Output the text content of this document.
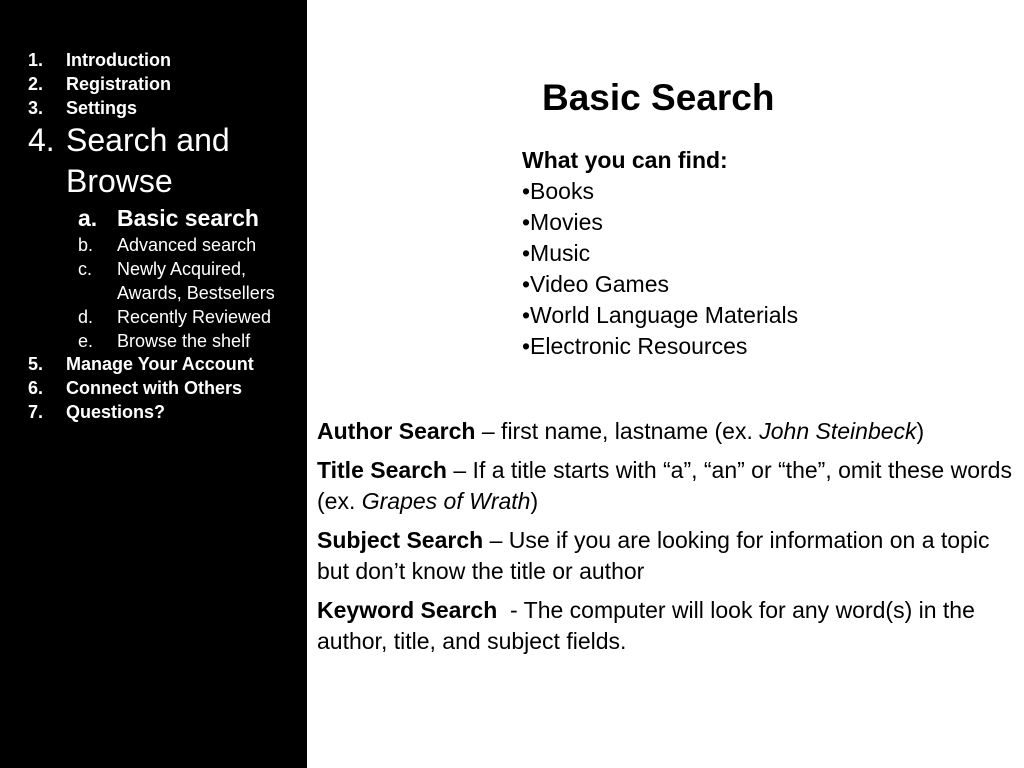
1. Introduction
2. Registration
3. Settings
4. Search and
Browse
a. Basic search
b. Advanced search
c. Newly Acquired,
Awards, Bestsellers
d. Recently Reviewed
e. Browse the shelf
5. Manage Your Account
6. Connect with Others
7. Questions?
Basic Search
What you can find:
•Books
•Movies
•Music
•Video Games
•World Language Materials
•Electronic Resources

Author Search – first name, lastname (ex. John Steinbeck)

Title Search – If a title starts with “a”, “an” or “the”, omit these words (ex. Grapes of Wrath)

Subject Search – Use if you are looking for information on a topic but don’t know the title or author

Keyword Search  - The computer will look for any word(s) in the author, title, and subject fields.
